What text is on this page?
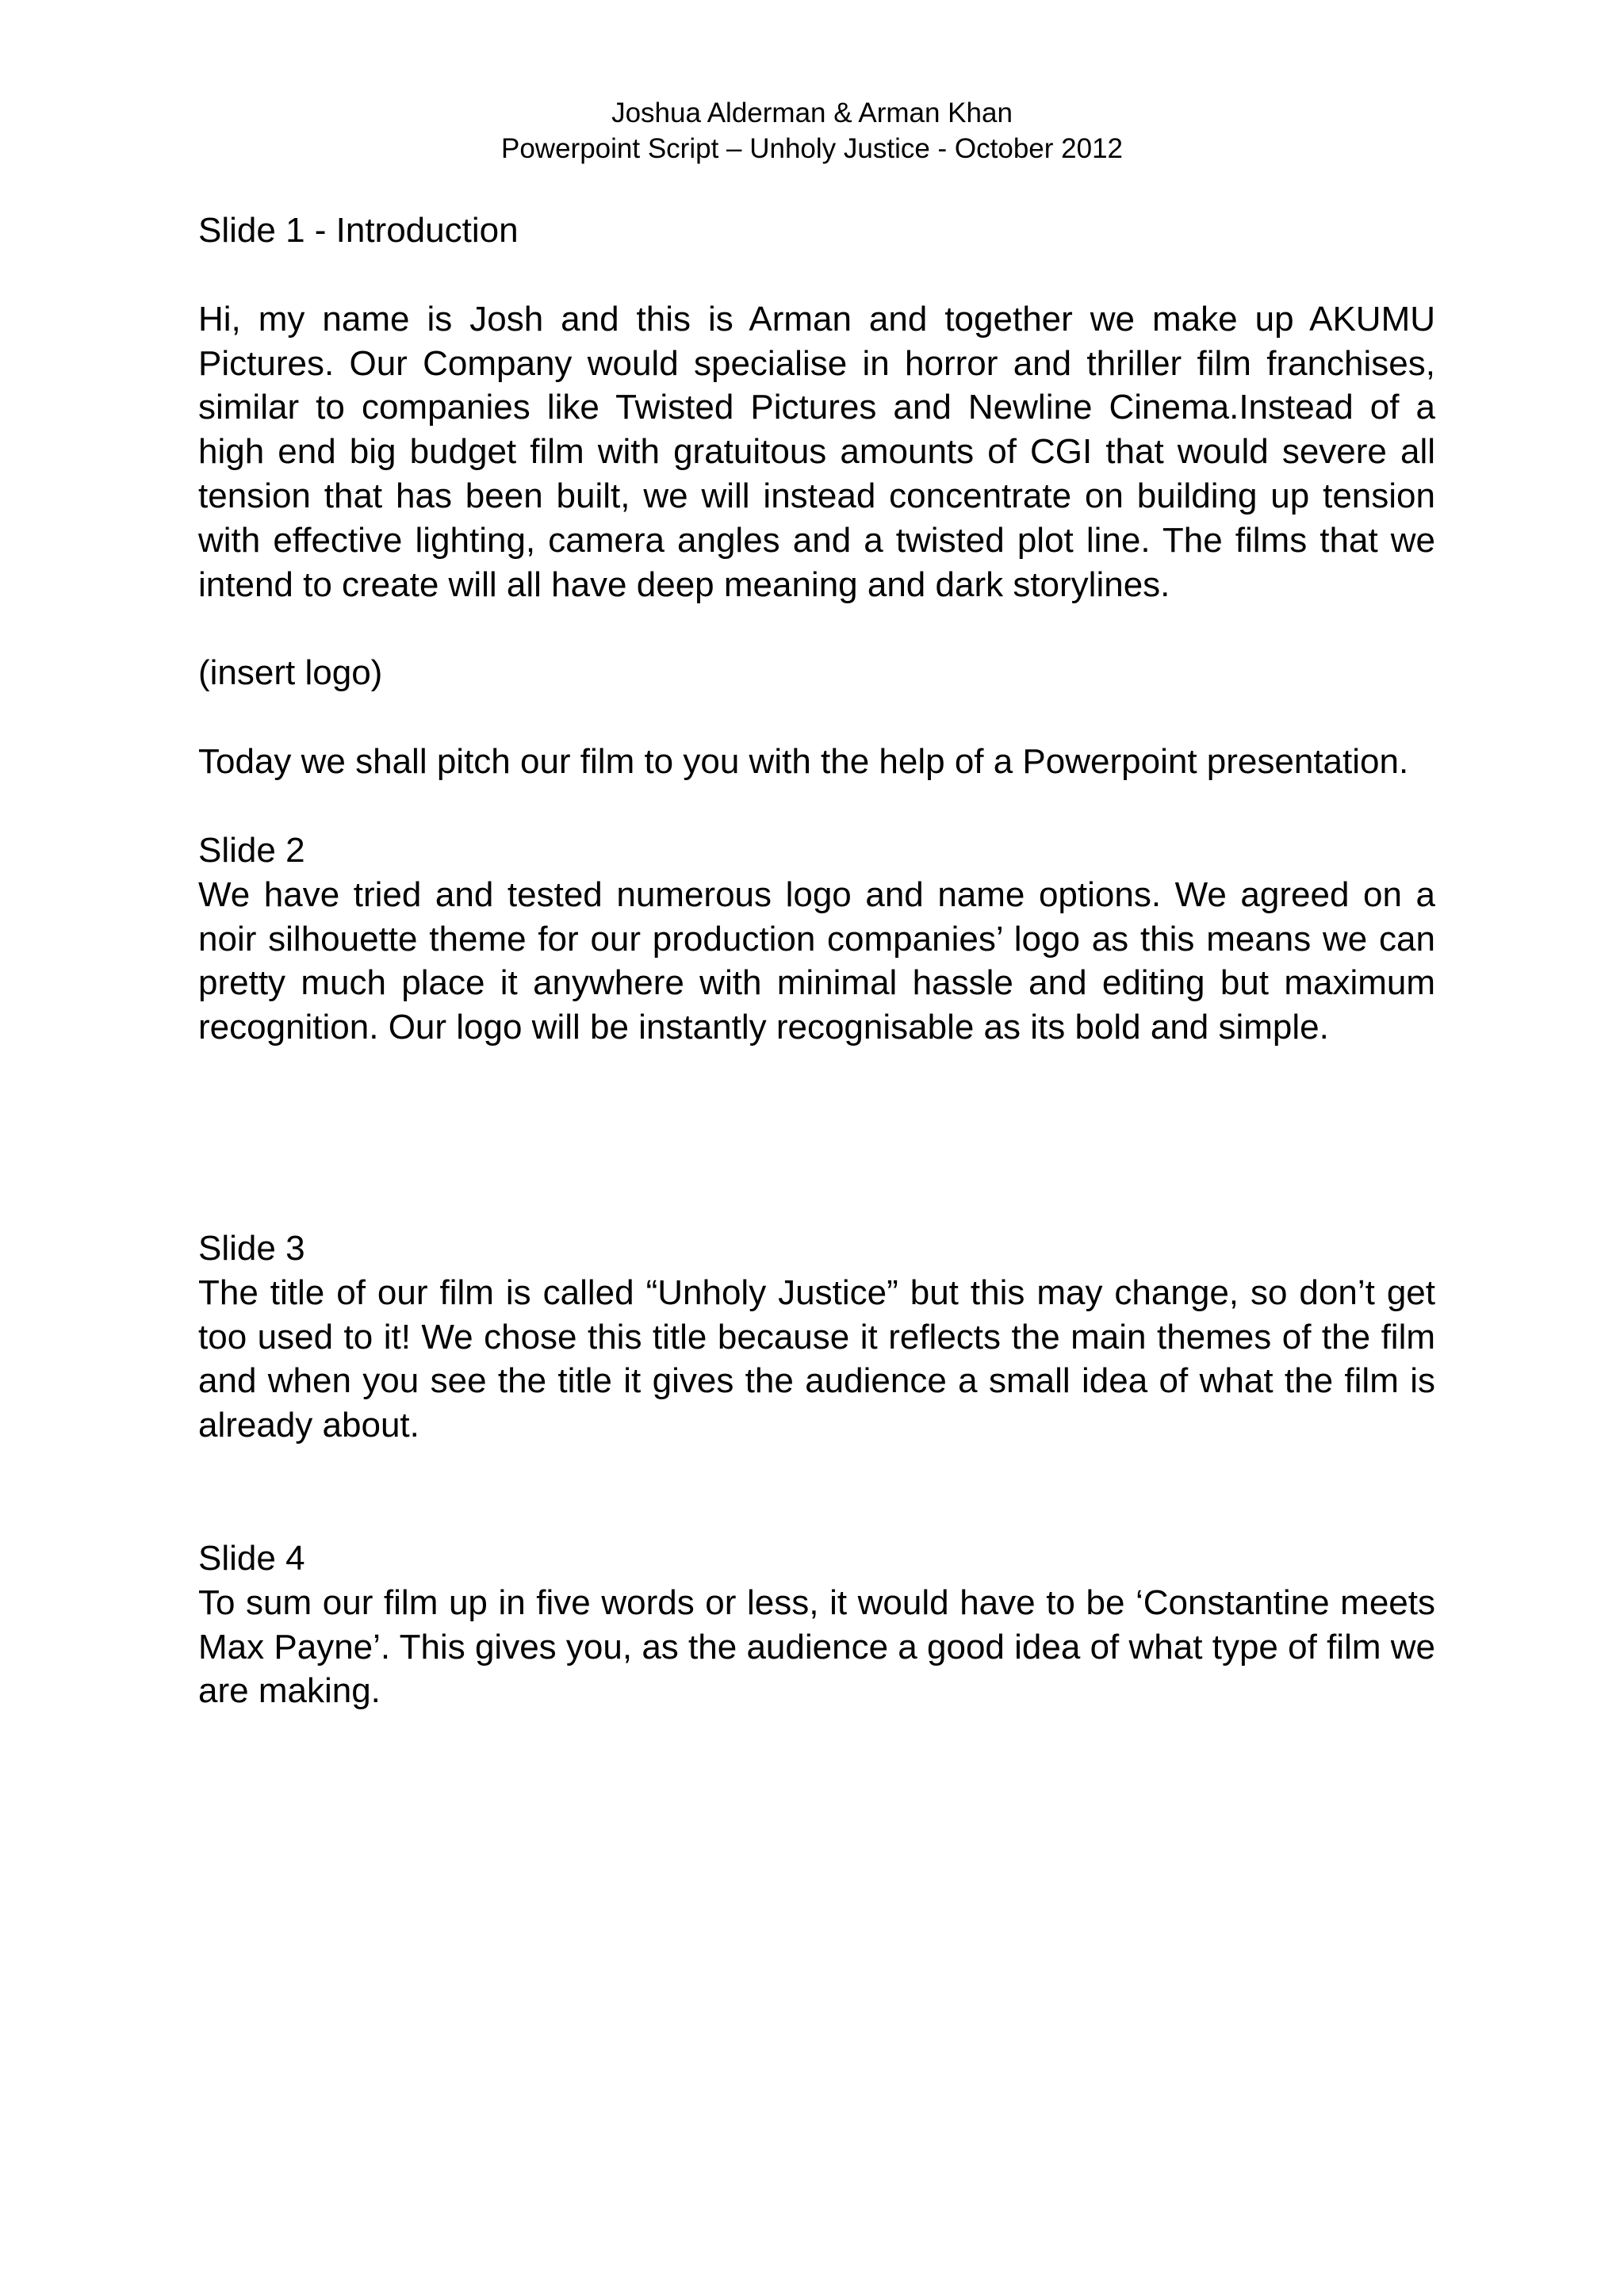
Joshua Alderman & Arman Khan
Powerpoint Script – Unholy Justice - October 2012

Slide 1 - Introduction

Hi, my name is Josh and this is Arman and together we make up AKUMU Pictures. Our Company would specialise in horror and thriller film franchises, similar to companies like Twisted Pictures and Newline Cinema.Instead of a high end big budget film with gratuitous amounts of CGI that would severe all tension that has been built, we will instead concentrate on building up tension with effective lighting, camera angles and a twisted plot line. The films that we intend to create will all have deep meaning and dark storylines.

(insert logo)

Today we shall pitch our film to you with the help of a Powerpoint presentation.

Slide 2

We have tried and tested numerous logo and name options. We agreed on a noir silhouette theme for our production companies’ logo as this means we can pretty much place it anywhere with minimal hassle and editing but maximum recognition. Our logo will be instantly recognisable as its bold and simple.

Slide 3

The title of our film is called “Unholy Justice” but this may change, so don’t get too used to it! We chose this title because it reflects the main themes of the film and when you see the title it gives the audience a small idea of what the film is already about.

Slide 4

To sum our film up in five words or less, it would have to be ‘Constantine meets Max Payne’. This gives you, as the audience a good idea of what type of film we are making.
